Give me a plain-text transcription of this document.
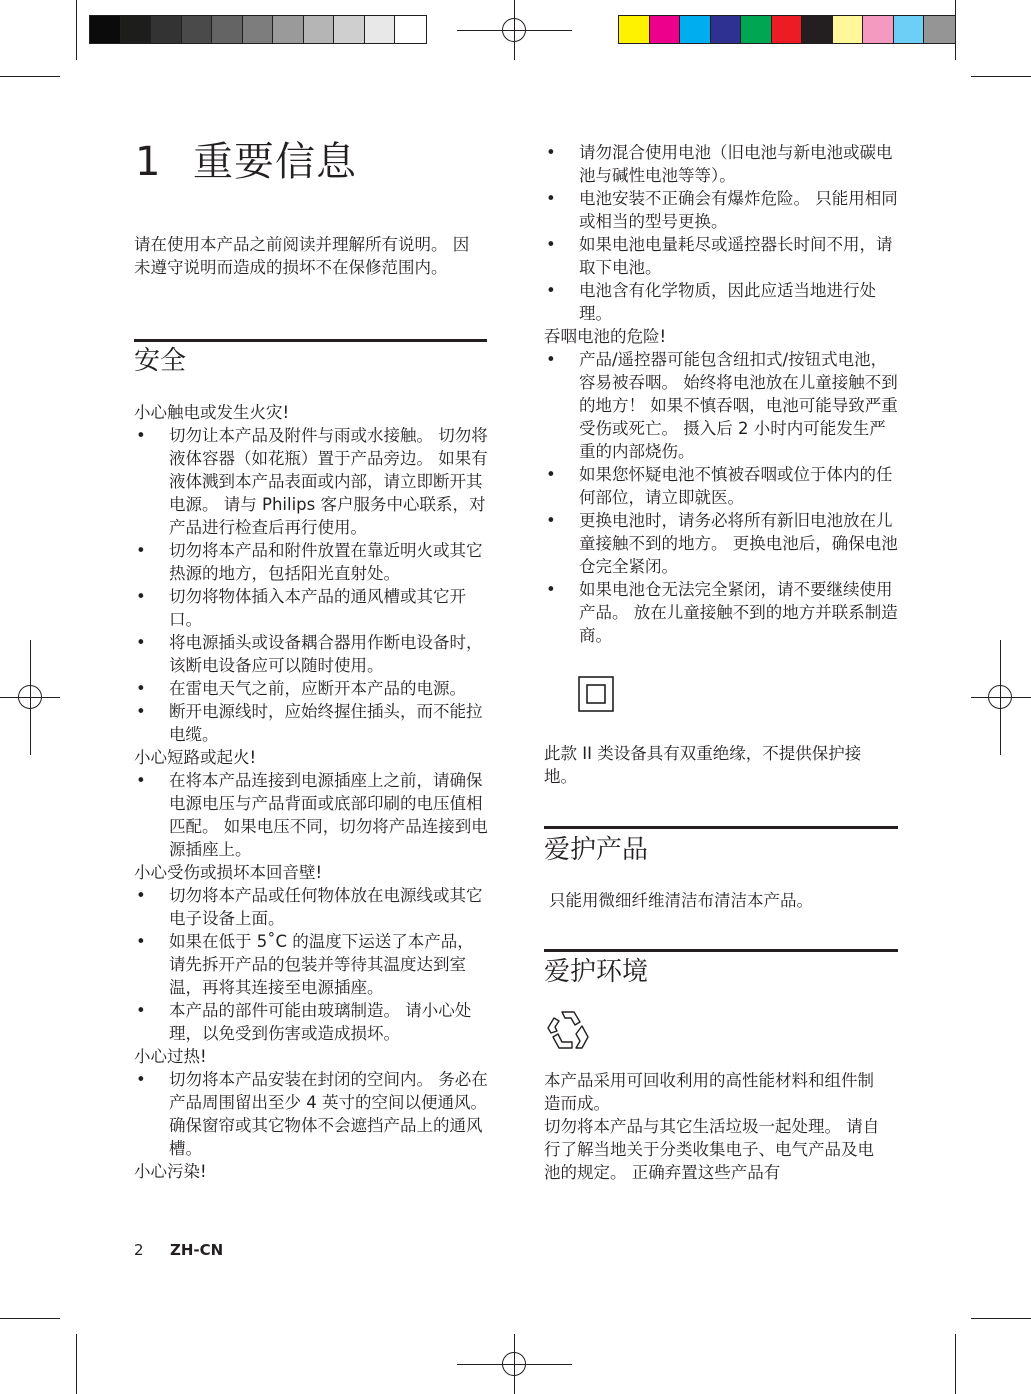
1 重要信息
请在使用本产品之前阅读并理解所有说明。 因未遵守说明而造成的损坏不在保修范围内。
安全
小心触电或发生火灾!
• 切勿让本产品及附件与雨或水接触。 切勿将液体容器（如花瓶）置于产品旁边。 如果有液体溅到本产品表面或内部，请立即断开其电源。 请与 Philips 客户服务中心联系，对产品进行检查后再行使用。
• 切勿将本产品和附件放置在靠近明火或其它热源的地方，包括阳光直射处。
• 切勿将物体插入本产品的通风槽或其它开口。
• 将电源插头或设备耦合器用作断电设备时，该断电设备应可以随时使用。
• 在雷电天气之前，应断开本产品的电源。
• 断开电源线时，应始终握住插头，而不能拉电缆。
小心短路或起火!
• 在将本产品连接到电源插座上之前，请确保电源电压与产品背面或底部印刷的电压值相匹配。 如果电压不同，切勿将产品连接到电源插座上。
小心受伤或损坏本回音壁!
• 切勿将本产品或任何物体放在电源线或其它电子设备上面。
• 如果在低于 5˚C 的温度下运送了本产品，请先拆开产品的包装并等待其温度达到室温，再将其连接至电源插座。
• 本产品的部件可能由玻璃制造。 请小心处理，以免受到伤害或造成损坏。
小心过热!
• 切勿将本产品安装在封闭的空间内。 务必在产品周围留出至少 4 英寸的空间以便通风。 确保窗帘或其它物体不会遮挡产品上的通风槽。
小心污染!
2 ZH-CN
• 请勿混合使用电池（旧电池与新电池或碳电池与碱性电池等等）。
• 电池安装不正确会有爆炸危险。 只能用相同或相当的型号更换。
• 如果电池电量耗尽或遥控器长时间不用，请取下电池。
• 电池含有化学物质，因此应适当地进行处理。
吞咽电池的危险!
• 产品/遥控器可能包含纽扣式/按钮式电池，容易被吞咽。 始终将电池放在儿童接触不到的地方！ 如果不慎吞咽，电池可能导致严重受伤或死亡。 摄入后 2 小时内可能发生严重的内部烧伤。
• 如果您怀疑电池不慎被吞咽或位于体内的任何部位，请立即就医。
• 更换电池时，请务必将所有新旧电池放在儿童接触不到的地方。 更换电池后，确保电池仓完全紧闭。
• 如果电池仓无法完全紧闭，请不要继续使用产品。 放在儿童接触不到的地方并联系制造商。
此款 II 类设备具有双重绝缘，不提供保护接地。
爱护产品
只能用微细纤维清洁布清洁本产品。
爱护环境
本产品采用可回收利用的高性能材料和组件制造而成。
切勿将本产品与其它生活垃圾一起处理。 请自行了解当地关于分类收集电子、电气产品及电池的规定。 正确弃置这些产品有
